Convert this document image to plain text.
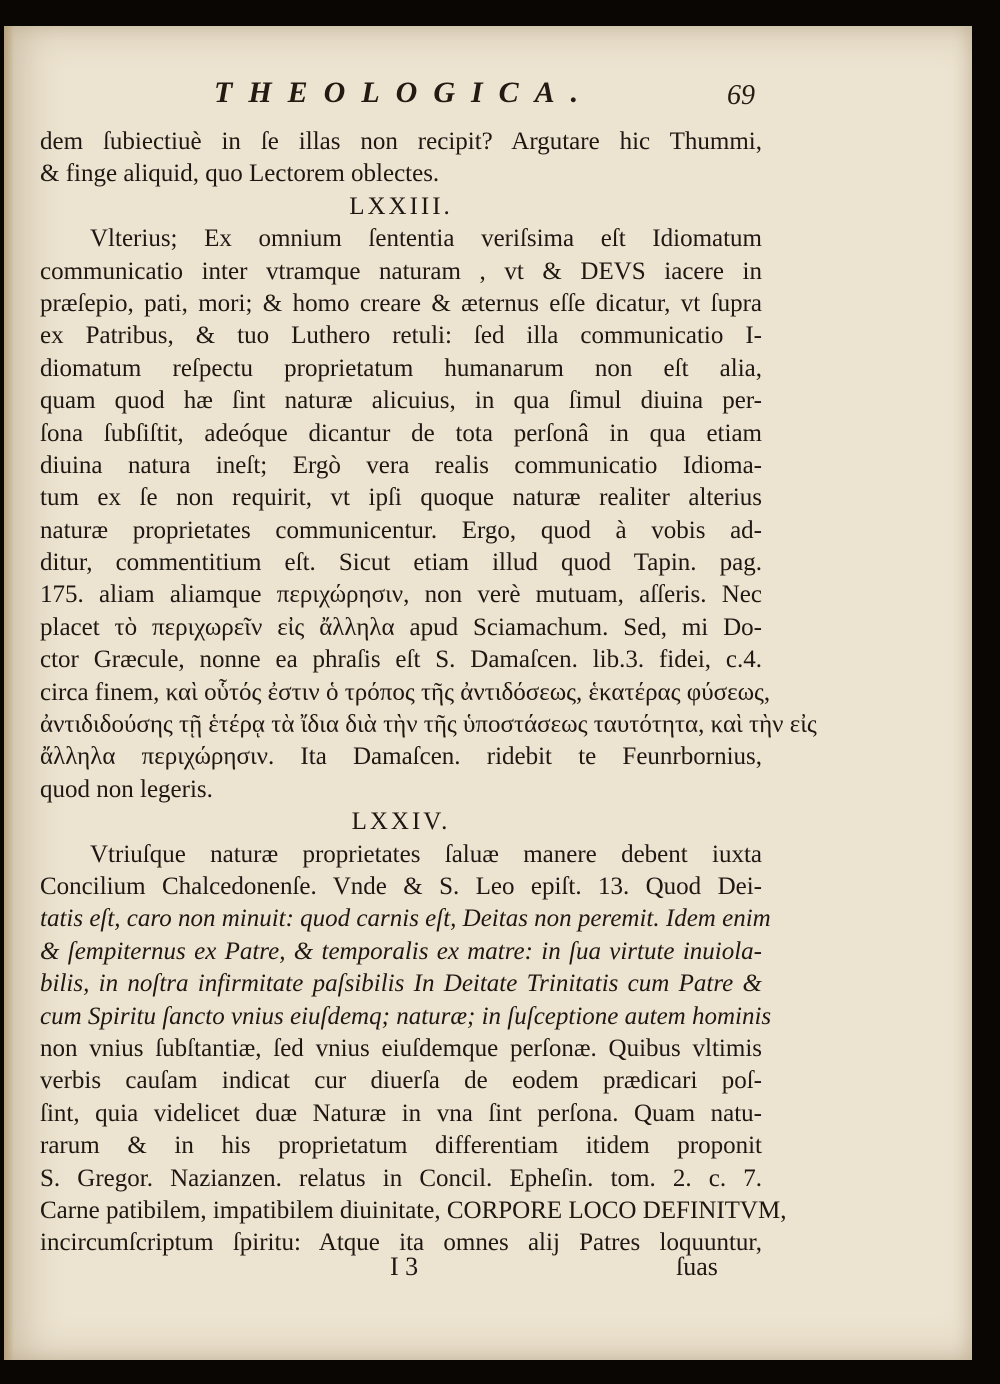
THEOLOGICA.	69
dem ſubiectiuè in ſe illas non recipit? Argutare hic Thummi,
& finge aliquid, quo Lectorem oblectes.
LXXIII.
Vlterius; Ex omnium ſententia veriſsima eſt Idiomatum
communicatio inter vtramque naturam , vt & DEVS iacere in
præſepio, pati, mori; & homo creare & æternus eſſe dicatur, vt ſupra
ex Patribus, & tuo Luthero retuli: ſed illa communicatio I-
diomatum reſpectu proprietatum humanarum non eſt alia,
quam quod hæ ſint naturæ alicuius, in qua ſimul diuina per-
ſona ſubſiſtit, adeóque dicantur de tota perſonâ in qua etiam
diuina natura ineſt; Ergò vera realis communicatio Idioma-
tum ex ſe non requirit, vt ipſi quoque naturæ realiter alterius
naturæ proprietates communicentur. Ergo, quod à vobis ad-
ditur, commentitium eſt. Sicut etiam illud quod Tapin. pag.
175. aliam aliamque περιχώρησιν, non verè mutuam, aſſeris. Nec
placet τὸ περιχωρεῖν εἰς ἄλληλα apud Sciamachum. Sed, mi Do-
ctor Græcule, nonne ea phraſis eſt S. Damaſcen. lib.3. fidei, c.4.
circa finem, καὶ οὗτός ἐστιν ὁ τρόπος τῆς ἀντιδόσεως, ἑκατέρας φύσεως,
ἀντιδιδούσης τῇ ἑτέρᾳ τὰ ἴδια διὰ τὴν τῆς ὑποστάσεως ταυτότητα, καὶ τὴν εἰς
ἄλληλα περιχώρησιν. Ita Damaſcen. ridebit te Feunrbornius,
quod non legeris.
LXXIV.
Vtriuſque naturæ proprietates ſaluæ manere debent iuxta
Concilium Chalcedonenſe. Vnde & S. Leo epiſt. 13. Quod Dei-
tatis eſt, caro non minuit: quod carnis eſt, Deitas non peremit. Idem enim
& ſempiternus ex Patre, & temporalis ex matre: in ſua virtute inuiola-
bilis, in noſtra infirmitate paſsibilis In Deitate Trinitatis cum Patre &
cum Spiritu ſancto vnius eiuſdemq; naturæ; in ſuſceptione autem hominis
non vnius ſubſtantiæ, ſed vnius eiuſdemque perſonæ. Quibus vltimis
verbis cauſam indicat cur diuerſa de eodem prædicari poſ-
ſint, quia videlicet duæ Naturæ in vna ſint perſona. Quam natu-
rarum & in his proprietatum differentiam itidem proponit
S. Gregor. Nazianzen. relatus in Concil. Epheſin. tom. 2. c. 7.
Carne patibilem, impatibilem diuinitate, CORPORE LOCO DEFINITVM,
incircumſcriptum ſpiritu: Atque ita omnes alij Patres loquuntur,
I 3	ſuas
